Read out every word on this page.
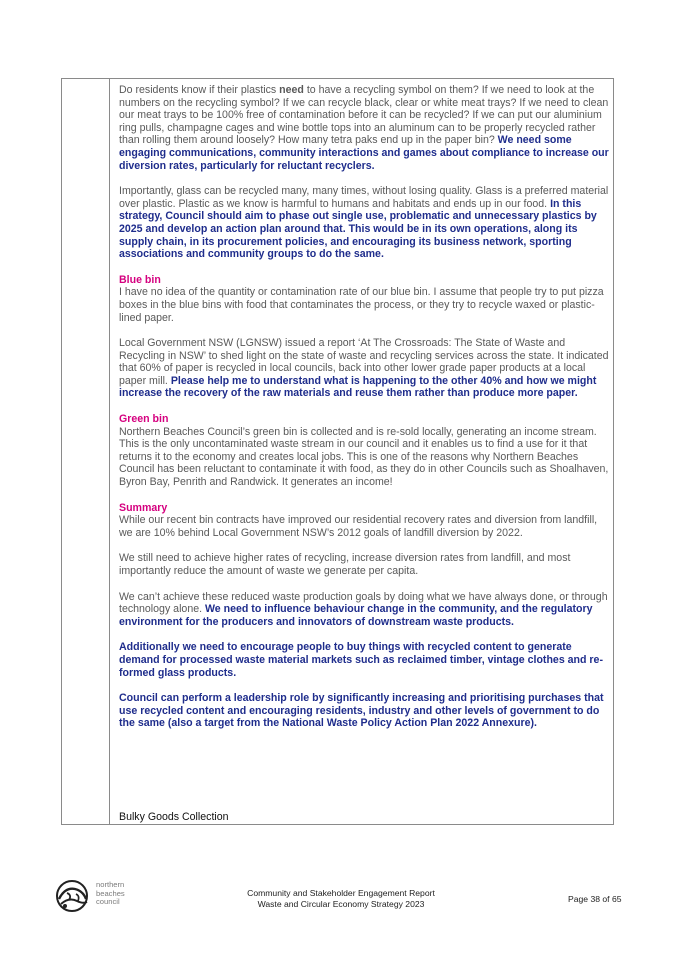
Do residents know if their plastics need to have a recycling symbol on them? If we need to look at the numbers on the recycling symbol? If we can recycle black, clear or white meat trays? If we need to clean our meat trays to be 100% free of contamination before it can be recycled? If we can put our aluminium ring pulls, champagne cages and wine bottle tops into an aluminum can to be properly recycled rather than rolling them around loosely? How many tetra paks end up in the paper bin? We need some engaging communications, community interactions and games about compliance to increase our diversion rates, particularly for reluctant recyclers.

Importantly, glass can be recycled many, many times, without losing quality. Glass is a preferred material over plastic. Plastic as we know is harmful to humans and habitats and ends up in our food. In this strategy, Council should aim to phase out single use, problematic and unnecessary plastics by 2025 and develop an action plan around that. This would be in its own operations, along its supply chain, in its procurement policies, and encouraging its business network, sporting associations and community groups to do the same.

Blue bin

I have no idea of the quantity or contamination rate of our blue bin. I assume that people try to put pizza boxes in the blue bins with food that contaminates the process, or they try to recycle waxed or plastic-lined paper.

Local Government NSW (LGNSW) issued a report ‘At The Crossroads: The State of Waste and Recycling in NSW’ to shed light on the state of waste and recycling services across the state. It indicated that 60% of paper is recycled in local councils, back into other lower grade paper products at a local paper mill. Please help me to understand what is happening to the other 40% and how we might increase the recovery of the raw materials and reuse them rather than produce more paper.

Green bin

Northern Beaches Council’s green bin is collected and is re-sold locally, generating an income stream. This is the only uncontaminated waste stream in our council and it enables us to find a use for it that returns it to the economy and creates local jobs. This is one of the reasons why Northern Beaches Council has been reluctant to contaminate it with food, as they do in other Councils such as Shoalhaven, Byron Bay, Penrith and Randwick. It generates an income!

Summary

While our recent bin contracts have improved our residential recovery rates and diversion from landfill, we are 10% behind Local Government NSW’s 2012 goals of landfill diversion by 2022.

We still need to achieve higher rates of recycling, increase diversion rates from landfill, and most importantly reduce the amount of waste we generate per capita.

We can’t achieve these reduced waste production goals by doing what we have always done, or through technology alone. We need to influence behaviour change in the community, and the regulatory environment for the producers and innovators of downstream waste products.

Additionally we need to encourage people to buy things with recycled content to generate demand for processed waste material markets such as reclaimed timber, vintage clothes and re-formed glass products.

Council can perform a leadership role by significantly increasing and prioritising purchases that use recycled content and encouraging residents, industry and other levels of government to do the same (also a target from the National Waste Policy Action Plan 2022 Annexure).

Bulky Goods Collection
northern
beaches
council
Community and Stakeholder Engagement Report
Waste and Circular Economy Strategy 2023	Page 38 of 65
